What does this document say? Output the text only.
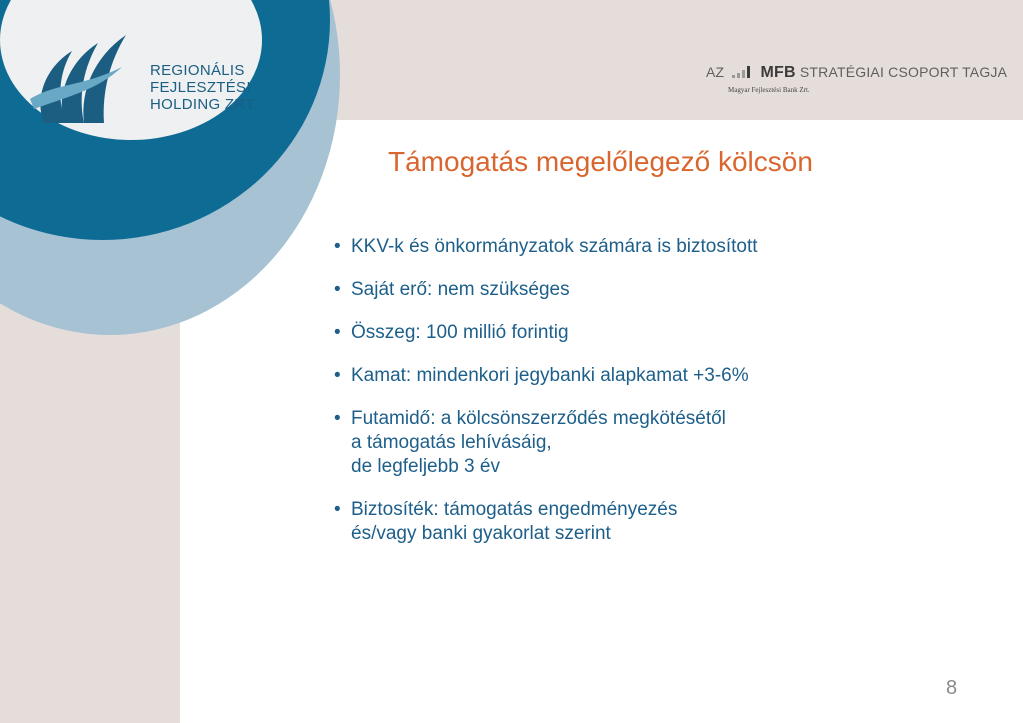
REGIONÁLIS
FEJLESZTÉSI
HOLDING ZRT.
AZ MFB STRATÉGIAI CSOPORT TAGJA
Magyar Fejlesztési Bank Zrt.
Támogatás megelőlegező kölcsön
• KKV-k és önkormányzatok számára is biztosított
• Saját erő: nem szükséges
• Összeg: 100 millió forintig
• Kamat: mindenkori jegybanki alapkamat +3-6%
• Futamidő: a kölcsönszerződés megkötésétől
a támogatás lehívásáig,
de legfeljebb 3 év
• Biztosíték: támogatás engedményezés
és/vagy banki gyakorlat szerint
8
